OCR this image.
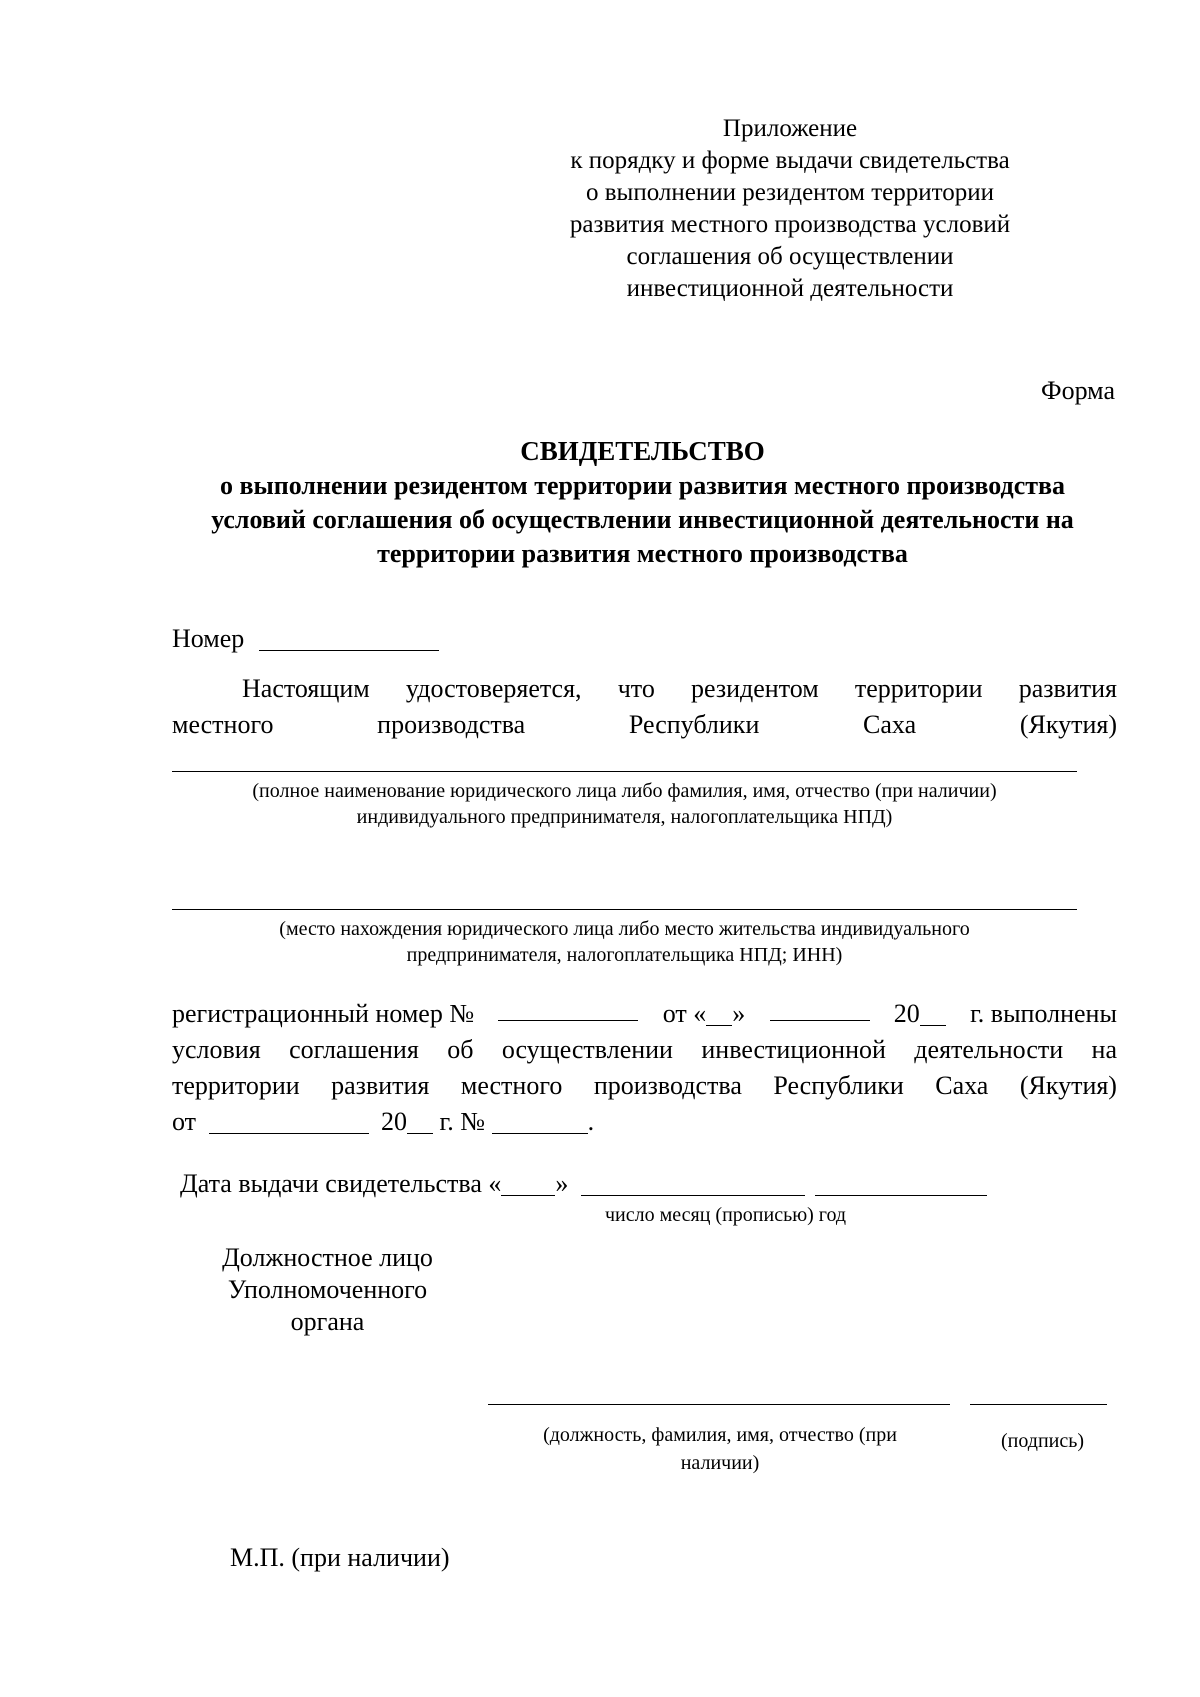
Приложение
к порядку и форме выдачи свидетельства
о выполнении резидентом территории
развития местного производства условий
соглашения об осуществлении
инвестиционной деятельности
Форма
СВИДЕТЕЛЬСТВО
о выполнении резидентом территории развития местного производства
условий соглашения об осуществлении инвестиционной деятельности на
территории развития местного производства
Номер
Настоящим удостоверяется, что резидентом территории развития
местного	производства	Республики	Саха	(Якутия)
(полное наименование юридического лица либо фамилия, имя, отчество (при наличии)
индивидуального предпринимателя, налогоплательщика НПД)
(место нахождения юридического лица либо место жительства индивидуального
предпринимателя, налогоплательщика НПД; ИНН)
регистрационный номер №	от « »	20	г. выполнены
условия соглашения об осуществлении инвестиционной деятельности на
территории развития местного производства Республики Саха (Якутия)
от	20 г. №	.
Дата выдачи свидетельства « »
число месяц (прописью) год
Должностное лицо
Уполномоченного
органа
(должность, фамилия, имя, отчество (при
наличии)
(подпись)
М.П. (при наличии)
